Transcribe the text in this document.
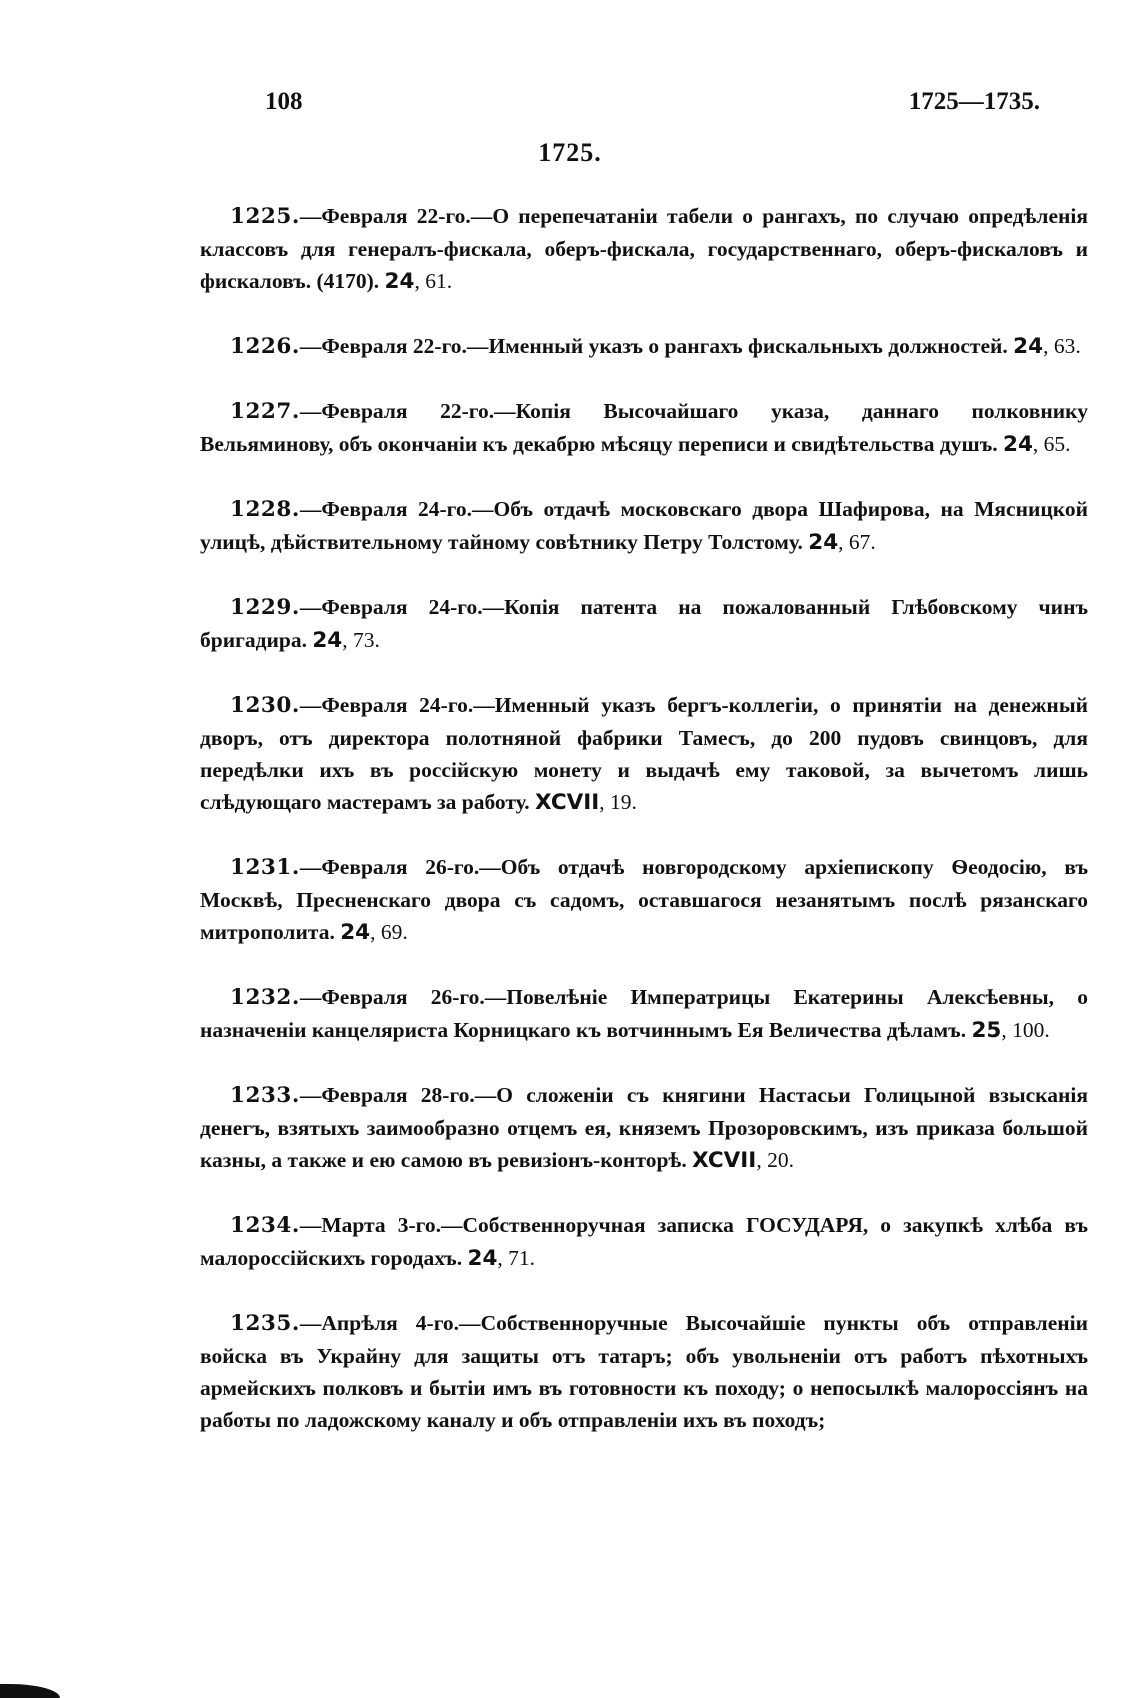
108	1725—1735.
1725.

1225.—Февраля 22-го.—О перепечатаніи табели о рангахъ, по случаю опредѣленія классовъ для генералъ-фискала, оберъ-фискала, государственнаго, оберъ-фискаловъ и фискаловъ. (4170). 24, 61.

1226.—Февраля 22-го.—Именный указъ о рангахъ фискальныхъ должностей. 24, 63.

1227.—Февраля 22-го.—Копія Высочайшаго указа, даннаго полковнику Вельяминову, объ окончаніи къ декабрю мѣсяцу переписи и свидѣтельства душъ. 24, 65.

1228.—Февраля 24-го.—Объ отдачѣ московскаго двора Шафирова, на Мясницкой улицѣ, дѣйствительному тайному совѣтнику Петру Толстому. 24, 67.

1229.—Февраля 24-го.—Копія патента на пожалованный Глѣбовскому чинъ бригадира. 24, 73.

1230.—Февраля 24-го.—Именный указъ бергъ-коллегіи, о принятіи на денежный дворъ, отъ директора полотняной фабрики Тамесъ, до 200 пудовъ свинцовъ, для передѣлки ихъ въ россійскую монету и выдачѣ ему таковой, за вычетомъ лишь слѣдующаго мастерамъ за работу. XCVII, 19.

1231.—Февраля 26-го.—Объ отдачѣ новгородскому архіепископу Ѳеодосію, въ Москвѣ, Пресненскаго двора съ садомъ, оставшагося незанятымъ послѣ рязанскаго митрополита. 24, 69.

1232.—Февраля 26-го.—Повелѣніе Императрицы Екатерины Алексѣевны, о назначеніи канцеляриста Корницкаго къ вотчиннымъ Ея Величества дѣламъ. 25, 100.

1233.—Февраля 28-го.—О сложеніи съ княгини Настасьи Голицыной взысканія денегъ, взятыхъ заимообразно отцемъ ея, княземъ Прозоровскимъ, изъ приказа большой казны, а также и ею самою въ ревизіонъ-конторѣ. XCVII, 20.

1234.—Марта 3-го.—Собственноручная записка ГОСУДАРЯ, о закупкѣ хлѣба въ малороссійскихъ городахъ. 24, 71.

1235.—Апрѣля 4-го.—Собственноручные Высочайшіе пункты объ отправленіи войска въ Украйну для защиты отъ татаръ; объ увольненіи отъ работъ пѣхотныхъ армейскихъ полковъ и бытіи имъ въ готовности къ походу; о непосылкѣ малороссіянъ на работы по ладожскому каналу и объ отправленіи ихъ въ походъ;
